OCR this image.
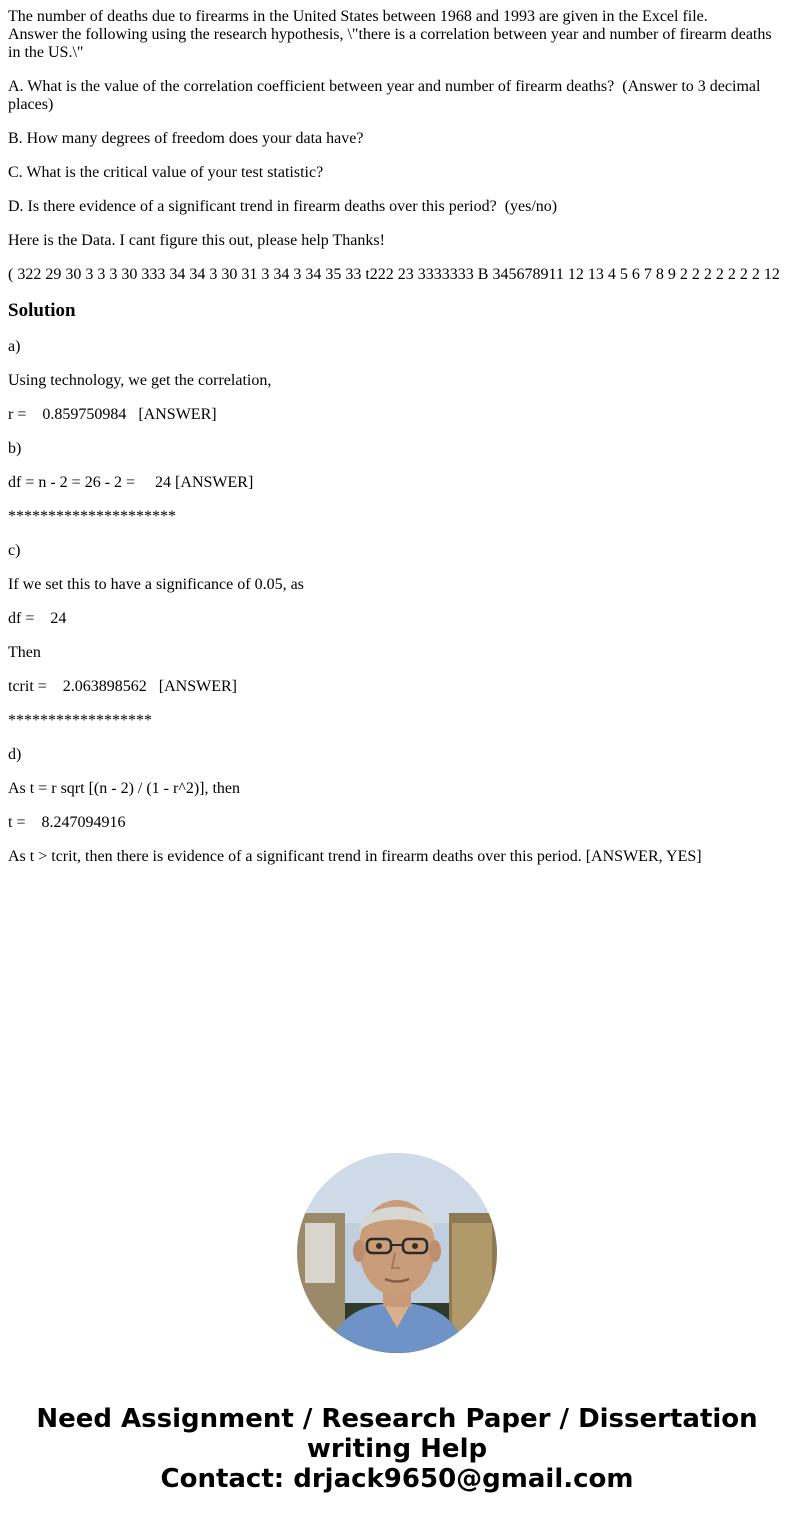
The number of deaths due to firearms in the United States between 1968 and 1993 are given in the Excel file.
Answer the following using the research hypothesis, \"there is a correlation between year and number of firearm deaths in the US.\"

A. What is the value of the correlation coefficient between year and number of firearm deaths?  (Answer to 3 decimal places)

B. How many degrees of freedom does your data have?

C. What is the critical value of your test statistic?

D. Is there evidence of a significant trend in firearm deaths over this period?  (yes/no)

Here is the Data. I cant figure this out, please help Thanks!

( 322 29 30 3 3 3 30 333 34 34 3 30 31 3 34 3 34 35 33 t222 23 3333333 B 345678911 12 13 4 5 6 7 8 9 2 2 2 2 2 2 2 12

Solution

a)

Using technology, we get the correlation,

r =    0.859750984   [ANSWER]

b)

df = n - 2 = 26 - 2 =     24 [ANSWER]

*********************

c)

If we set this to have a significance of 0.05, as

df =    24

Then

tcrit =    2.063898562   [ANSWER]

******************

d)

As t = r sqrt [(n - 2) / (1 - r^2)], then

t =    8.247094916

As t > tcrit, then there is evidence of a significant trend in firearm deaths over this period. [ANSWER, YES]

Need Assignment / Research Paper / Dissertation
writing Help
Contact: drjack9650@gmail.com
